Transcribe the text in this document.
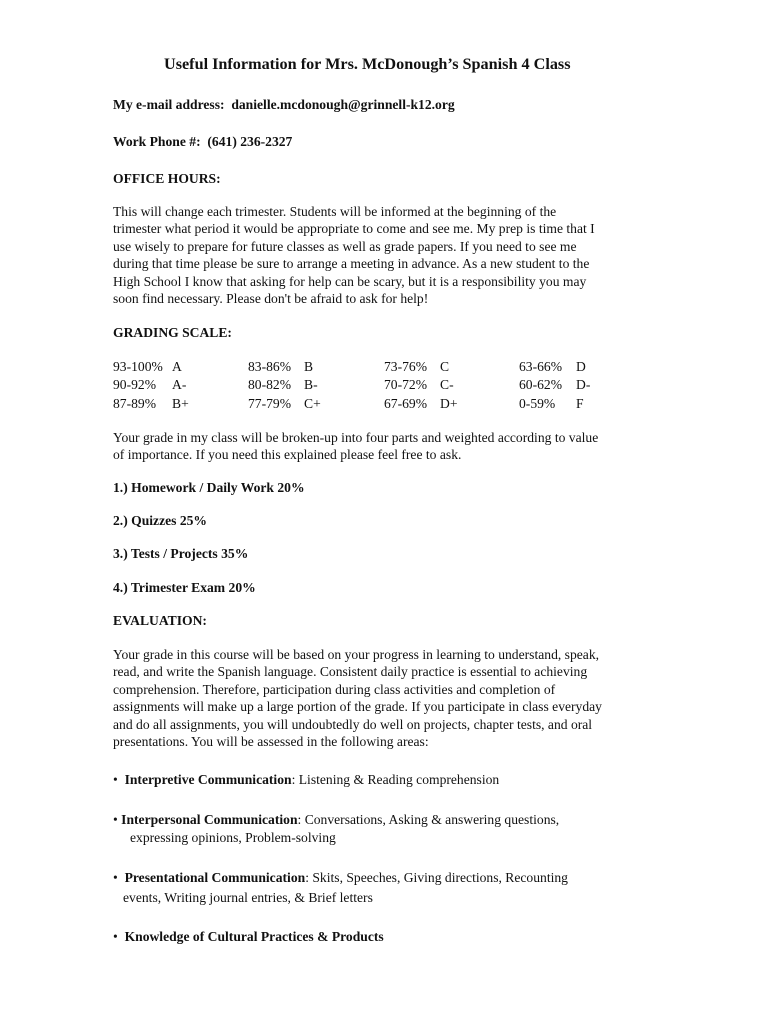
Useful Information for Mrs. McDonough’s Spanish 4 Class
My e-mail address: danielle.mcdonough@grinnell-k12.org
Work Phone #: (641) 236-2327
OFFICE HOURS:
This will change each trimester. Students will be informed at the beginning of the
trimester what period it would be appropriate to come and see me. My prep is time that I
use wisely to prepare for future classes as well as grade papers. If you need to see me
during that time please be sure to arrange a meeting in advance. As a new student to the
High School I know that asking for help can be scary, but it is a responsibility you may
soon find necessary. Please don't be afraid to ask for help!
GRADING SCALE:
93-100% A	83-86% B	73-76% C	63-66% D
90-92% A-	80-82% B-	70-72% C-	60-62% D-
87-89% B+	77-79% C+	67-69% D+	0-59% F
Your grade in my class will be broken-up into four parts and weighted according to value
of importance. If you need this explained please feel free to ask.
1.) Homework / Daily Work 20%
2.) Quizzes 25%
3.) Tests / Projects 35%
4.) Trimester Exam 20%
EVALUATION:
Your grade in this course will be based on your progress in learning to understand, speak,
read, and write the Spanish language. Consistent daily practice is essential to achieving
comprehension. Therefore, participation during class activities and completion of
assignments will make up a large portion of the grade. If you participate in class everyday
and do all assignments, you will undoubtedly do well on projects, chapter tests, and oral
presentations. You will be assessed in the following areas:
• Interpretive Communication: Listening & Reading comprehension
• Interpersonal Communication: Conversations, Asking & answering questions,
expressing opinions, Problem-solving
• Presentational Communication: Skits, Speeches, Giving directions, Recounting
events, Writing journal entries, & Brief letters
• Knowledge of Cultural Practices & Products
